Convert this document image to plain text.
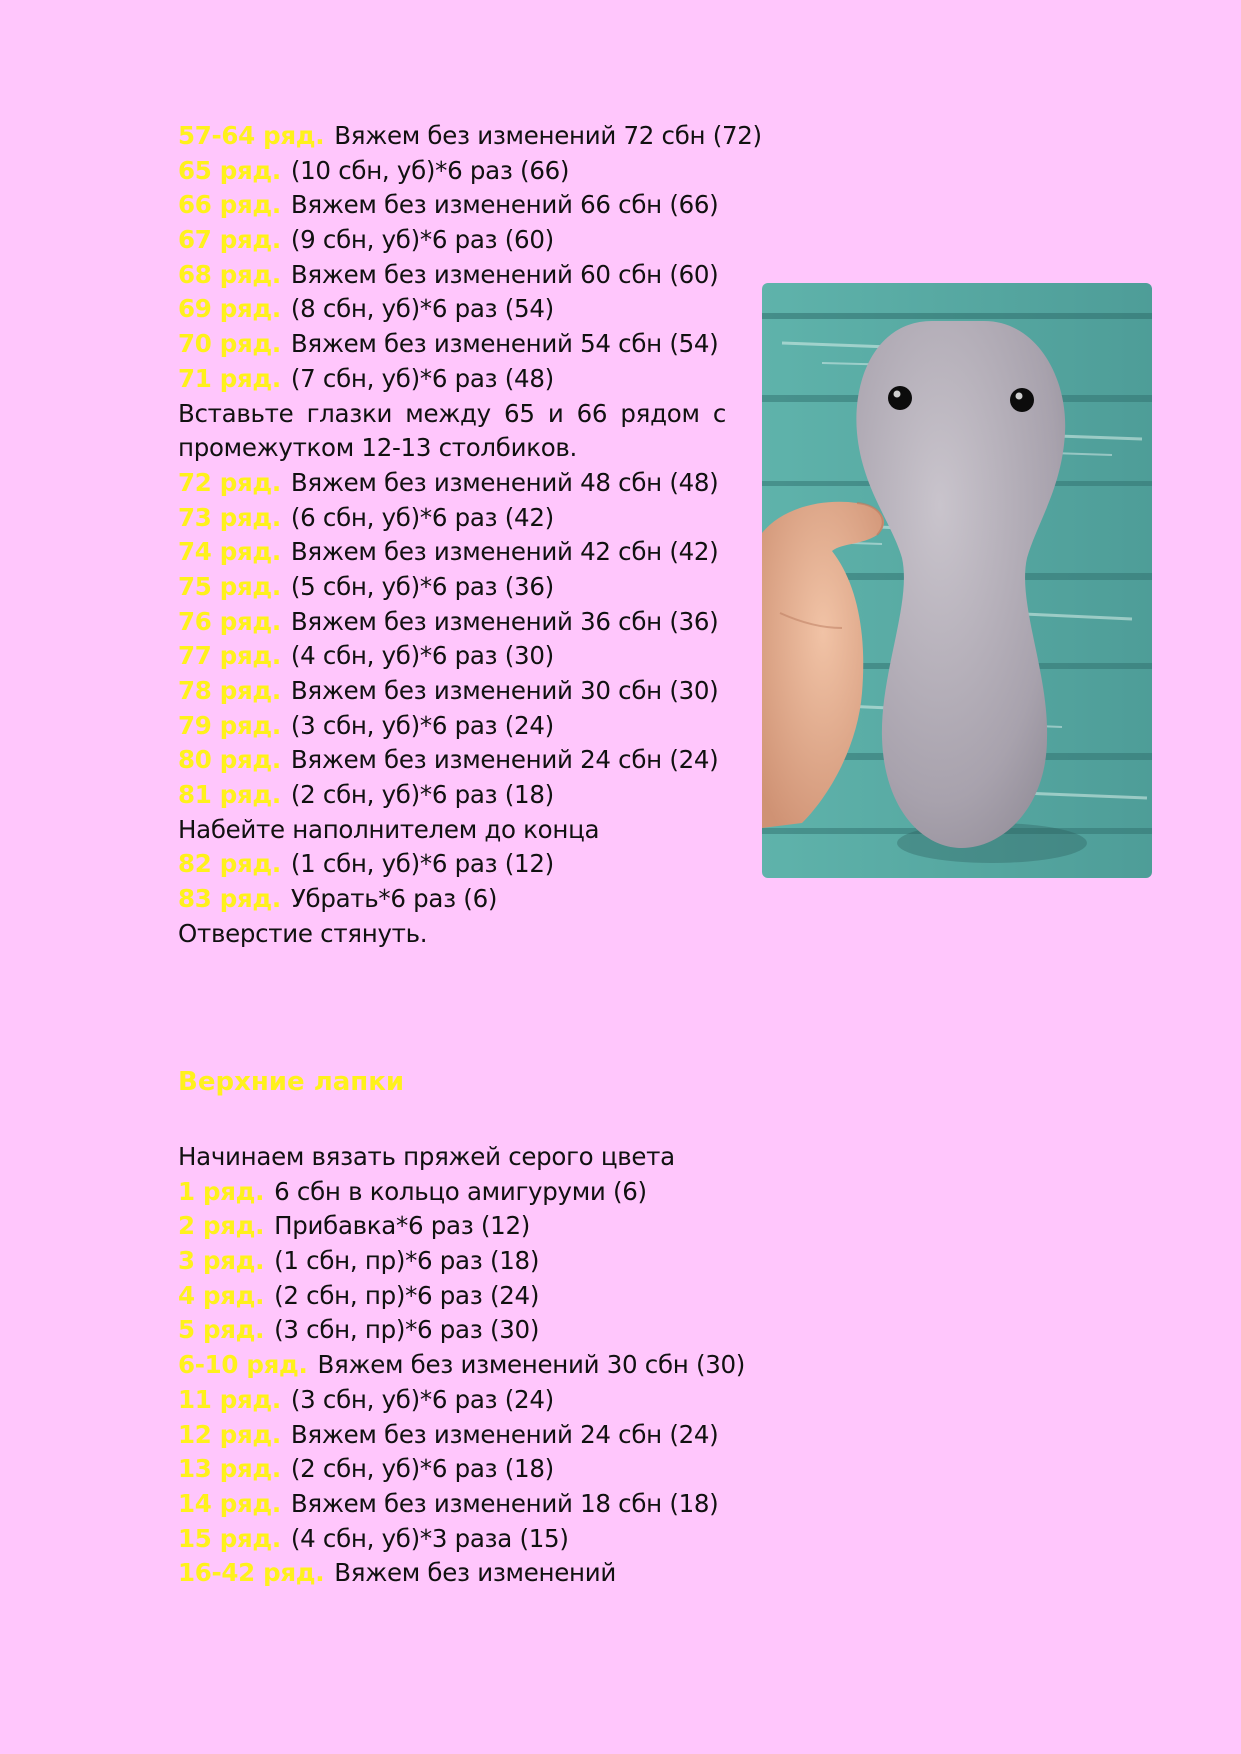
57-64 ряд. Вяжем без изменений 72 сбн (72)
65 ряд. (10 сбн, уб)*6 раз (66)
66 ряд. Вяжем без изменений 66 сбн (66)
67 ряд. (9 сбн, уб)*6 раз (60)
68 ряд. Вяжем без изменений 60 сбн (60)
69 ряд. (8 сбн, уб)*6 раз (54)
70 ряд. Вяжем без изменений 54 сбн (54)
71 ряд. (7 сбн, уб)*6 раз (48)
Вставьте глазки между 65 и 66 рядом с
промежутком 12-13 столбиков.
72 ряд. Вяжем без изменений 48 сбн (48)
73 ряд. (6 сбн, уб)*6 раз (42)
74 ряд. Вяжем без изменений 42 сбн (42)
75 ряд. (5 сбн, уб)*6 раз (36)
76 ряд. Вяжем без изменений 36 сбн (36)
77 ряд. (4 сбн, уб)*6 раз (30)
78 ряд. Вяжем без изменений 30 сбн (30)
79 ряд. (3 сбн, уб)*6 раз (24)
80 ряд. Вяжем без изменений 24 сбн (24)
81 ряд. (2 сбн, уб)*6 раз (18)
Набейте наполнителем до конца
82 ряд. (1 сбн, уб)*6 раз (12)
83 ряд. Убрать*6 раз (6)
Отверстие стянуть.
Верхние лапки
Начинаем вязать пряжей серого цвета
1 ряд. 6 сбн в кольцо амигуруми (6)
2 ряд. Прибавка*6 раз (12)
3 ряд. (1 сбн, пр)*6 раз (18)
4 ряд. (2 сбн, пр)*6 раз (24)
5 ряд. (3 сбн, пр)*6 раз (30)
6-10 ряд. Вяжем без изменений 30 сбн (30)
11 ряд. (3 сбн, уб)*6 раз (24)
12 ряд. Вяжем без изменений 24 сбн (24)
13 ряд. (2 сбн, уб)*6 раз (18)
14 ряд. Вяжем без изменений 18 сбн (18)
15 ряд. (4 сбн, уб)*3 раза (15)
16-42 ряд. Вяжем без изменений
